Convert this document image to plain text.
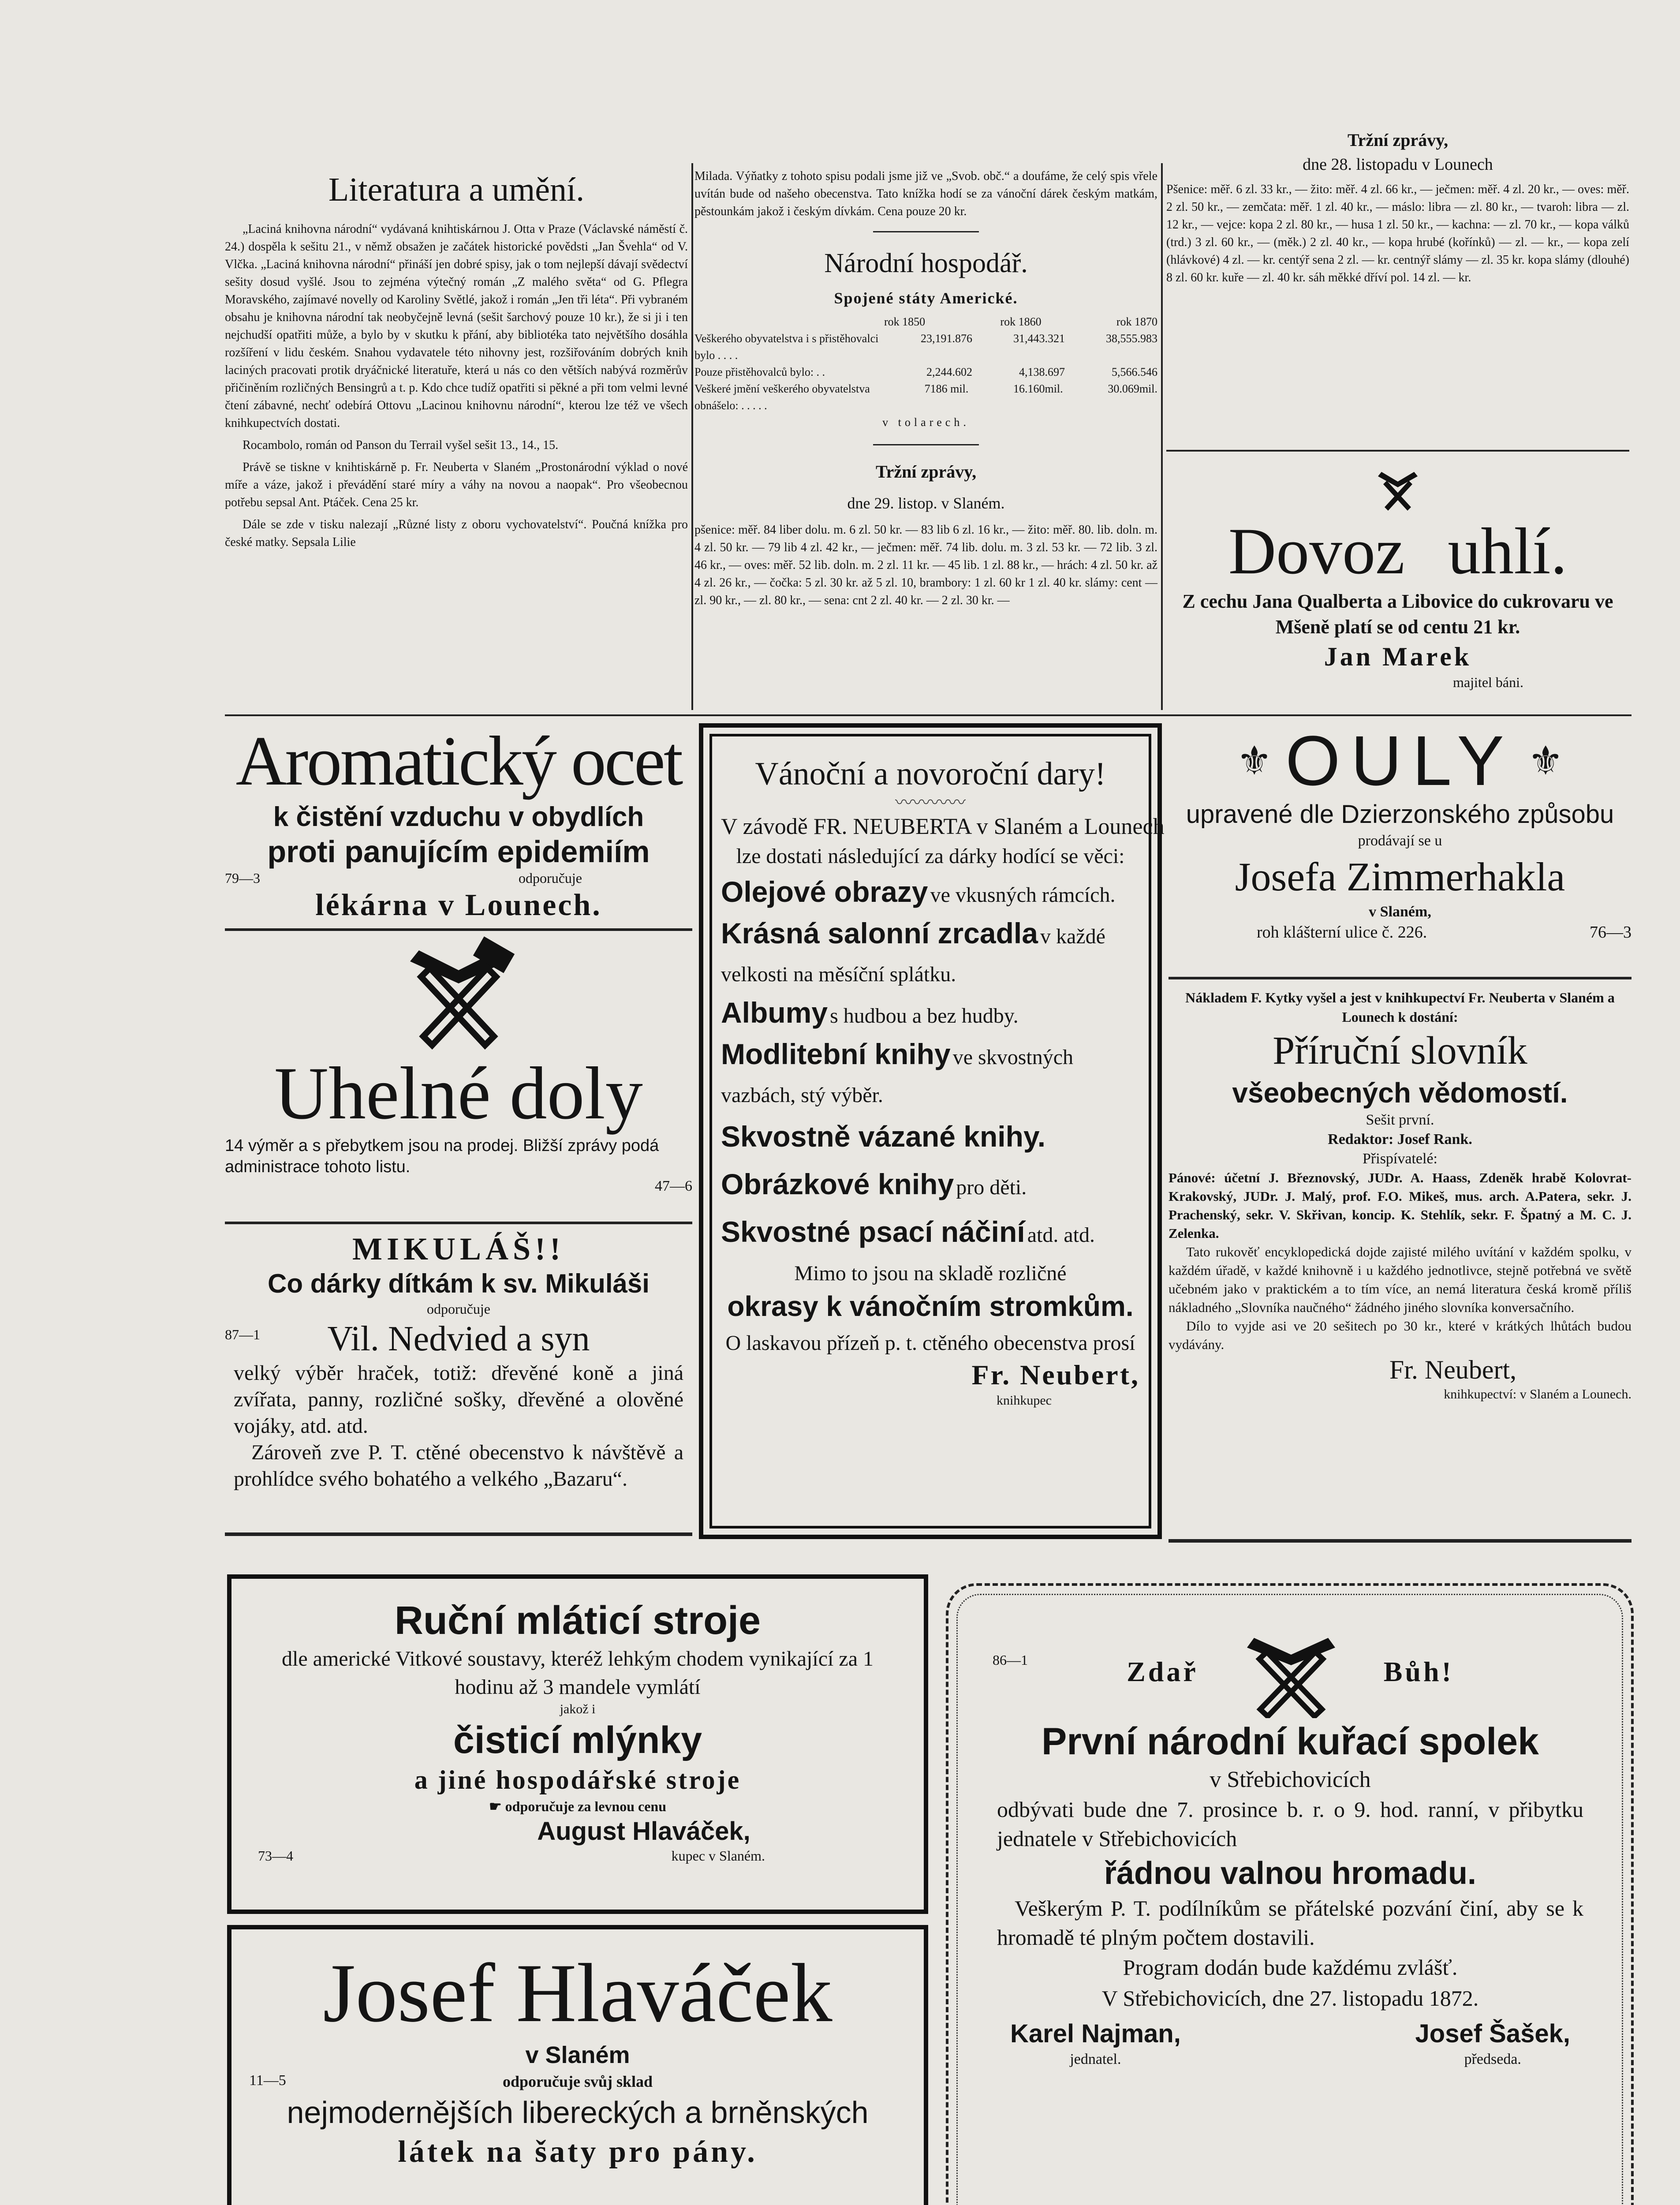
Literatura a umění.

„Laciná knihovna národní“ vydávaná knihtiskárnou J. Otta v Praze (Václavské náměstí č. 24.) dospěla k sešitu 21., v němž obsažen je začátek historické povědsti „Jan Švehla“ od V. Vlčka. „Laciná knihovna národní“ přináší jen dobré spisy, jak o tom nejlepší dávají svědectví sešity dosud vyšlé. Jsou to zejména výtečný román „Z malého světa“ od G. Pflegra Moravského, zajímavé novelly od Karoliny Světlé, jakož i román „Jen tři léta“. Při vybraném obsahu je knihovna národní tak neobyčejně levná (sešit šarchový pouze 10 kr.), že si ji i ten nejchudší opatřiti může, a bylo by v skutku k přání, aby bibliotéka tato největšího dosáhla rozšíření v lidu českém. Snahou vydavatele této nihovny jest, rozšiřováním dobrých knih laciných pracovati protik dryáčnické literatuře, která u nás co den větších nabývá rozměrův přičiněním rozličných Bensingrů a t. p. Kdo chce tudíž opatřiti si pěkné a při tom velmi levné čtení zábavné, nechť odebírá Ottovu „Lacinou knihovnu národní“, kterou lze též ve všech knihkupectvích dostati.

Rocambolo, román od Panson du Terrail vyšel sešit 13., 14., 15.

Právě se tiskne v knihtiskárně p. Fr. Neuberta v Slaném „Prostonárodní výklad o nové míře a váze, jakož i převádění staré míry a váhy na novou a naopak“. Pro všeobecnou potřebu sepsal Ant. Ptáček. Cena 25 kr.

Dále se zde v tisku nalezají „Různé listy z oboru vychovatelství“. Poučná knížka pro české matky. Sepsala Lilie

Milada. Výňatky z tohoto spisu podali jsme již ve „Svob. obč.“ a doufáme, že celý spis vřele uvítán bude od našeho obecenstva. Tato knížka hodí se za vánoční dárek českým matkám, pěstounkám jakož i českým dívkám. Cena pouze 20 kr.
Národní hospodář.
Spojené státy Americké.
rok 1850	rok 1860	rok 1870
Veškerého obyvatelstva i s přistěhovalci bylo . . . .
23,191.876	31,443.321	38,555.983
Pouze přistěhovalců bylo: . .	2,244.602	4,138.697	5,566.546
Veškeré jmění veškerého obyvatelstva obnášelo: . . . . .
7186 mil.	16.160mil.	30.069mil.
v tolarech.
Tržní zprávy,
dne 29. listop. v Slaném.
pšenice: měř. 84 liber dolu. m. 6 zl. 50 kr. — 83 lib 6 zl. 16 kr., — žito: měř. 80. lib. doln. m. 4 zl. 50 kr. — 79 lib 4 zl. 42 kr., — ječmen: měř. 74 lib. dolu. m. 3 zl. 53 kr. — 72 lib. 3 zl. 46 kr., — oves: měř. 52 lib. doln. m. 2 zl. 11 kr. — 45 lib. 1 zl. 88 kr., — hrách: 4 zl. 50 kr. až 4 zl. 26 kr., — čočka: 5 zl. 30 kr. až 5 zl. 10, brambory: 1 zl. 60 kr 1 zl. 40 kr. slámy: cent — zl. 90 kr., — zl. 80 kr., — sena: cnt 2 zl. 40 kr. — 2 zl. 30 kr. —
Tržní zprávy,
dne 28. listopadu v Lounech
Pšenice: měř. 6 zl. 33 kr., — žito: měř. 4 zl. 66 kr., — ječmen: měř. 4 zl. 20 kr., — oves: měř. 2 zl. 50 kr., — zemčata: měř. 1 zl. 40 kr., — máslo: libra — zl. 80 kr., — tvaroh: libra — zl. 12 kr., — vejce: kopa 2 zl. 80 kr., — husa 1 zl. 50 kr., — kachna: — zl. 70 kr., — kopa válků (trd.) 3 zl. 60 kr., — (měk.) 2 zl. 40 kr., — kopa hrubé (kořínků) — zl. — kr., — kopa zelí (hlávkové) 4 zl. — kr. centýř sena 2 zl. — kr. centnýř slámy — zl. 35 kr. kopa slámy (dlouhé) 8 zl. 60 kr. kuře — zl. 40 kr. sáh měkké dříví pol. 14 zl. — kr.
Dovoz uhlí.
Z cechu Jana Qualberta a Libovice do cukrovaru ve Mšeně platí se od centu 21 kr.
Jan Marek
majitel báni.
Aromatický ocet
k čistění vzduchu v obydlích
proti panujícím epidemiím
79—3	odporučuje
lékárna v Lounech.
Uhelné doly
14 výměr a s přebytkem jsou na prodej. Bližší zprávy podá administrace tohoto listu.
47—6
MIKULÁŠ!!
Co dárky dítkám k sv. Mikuláši
odporučuje
87—1	Vil. Nedvied a syn
velký výběr hraček, totiž: dřevěné koně a jiná zvířata, panny, rozličné sošky, dřevěné a olověné vojáky, atd. atd.
Zároveň zve P. T. ctěné obecenstvo k návštěvě a prohlídce svého bohatého a velkého „Bazaru“.
Vánoční a novoroční dary!
〰〰〰〰
V závodě FR. NEUBERTA v Slaném a Lounech
lze dostati následující za dárky hodící se věci:
Olejové obrazy ve vkusných rámcích.
Krásná salonní zrcadla v každé velkosti na měsíční splátku.
Albumy s hudbou a bez hudby.
Modlitební knihy ve skvostných vazbách, stý výběr.
Skvostně vázané knihy.
Obrázkové knihy pro děti.
Skvostné psací náčiní atd. atd.
Mimo to jsou na skladě rozličné
okrasy k vánočním stromkům.
O laskavou přízeň p. t. ctěného obecenstva prosí
Fr. Neubert,
knihkupec
⚜ OULY ⚜
upravené dle Dzierzonského způsobu
prodávají se u
Josefa Zimmerhakla
v Slaném,
roh klášterní ulice č. 226.	76—3
Nákladem F. Kytky vyšel a jest v knihkupectví Fr. Neuberta v Slaném a Lounech k dostání:
Příruční slovník
všeobecných vědomostí.
Sešit první.
Redaktor: Josef Rank.
Přispívatelé:
Pánové: účetní J. Březnovský, JUDr. A. Haass, Zdeněk hrabě Kolovrat-Krakovský, JUDr. J. Malý, prof. F.O. Mikeš, mus. arch. A.Patera, sekr. J. Prachenský, sekr. V. Skřivan, koncip. K. Stehlík, sekr. F. Špatný a M. C. J. Zelenka.
Tato rukověť encyklopedická dojde zajisté milého uvítání v každém spolku, v každém úřadě, v každé knihovně i u každého jednotlivce, stejně potřebná ve světě učebném jako v praktickém a to tím více, an nemá literatura česká kromě příliš nákladného „Slovníka naučného“ žádného jiného slovníka konversačního.
Dílo to vyjde asi ve 20 sešitech po 30 kr., které v krátkých lhůtách budou vydávány.
Fr. Neubert,
knihkupectví: v Slaném a Lounech.
Ruční mláticí stroje
dle americké Vitkové soustavy, kteréž lehkým chodem vynikající za 1 hodinu až 3 mandele vymlátí
jakož i
čisticí mlýnky
a jiné hospodářské stroje
☛ odporučuje za levnou cenu
August Hlaváček,
73—4	kupec v Slaném.
Josef Hlaváček
v Slaném
11—5	odporučuje svůj sklad
nejmodernějších libereckých a brněnských
látek na šaty pro pány.
86—1	Zdař	Bůh!
První národní kuřací spolek
v Střebichovicích
odbývati bude dne 7. prosince b. r. o 9. hod. ranní, v přibytku jednatele v Střebichovicích
řádnou valnou hromadu.
Veškerým P. T. podílníkům se přátelské pozvání činí, aby se k hromadě té plným počtem dostavili.
Program dodán bude každému zvlášť.
V Střebichovicích, dne 27. listopadu 1872.
Karel Najman,
jednatel.
Josef Šašek,
předseda.
